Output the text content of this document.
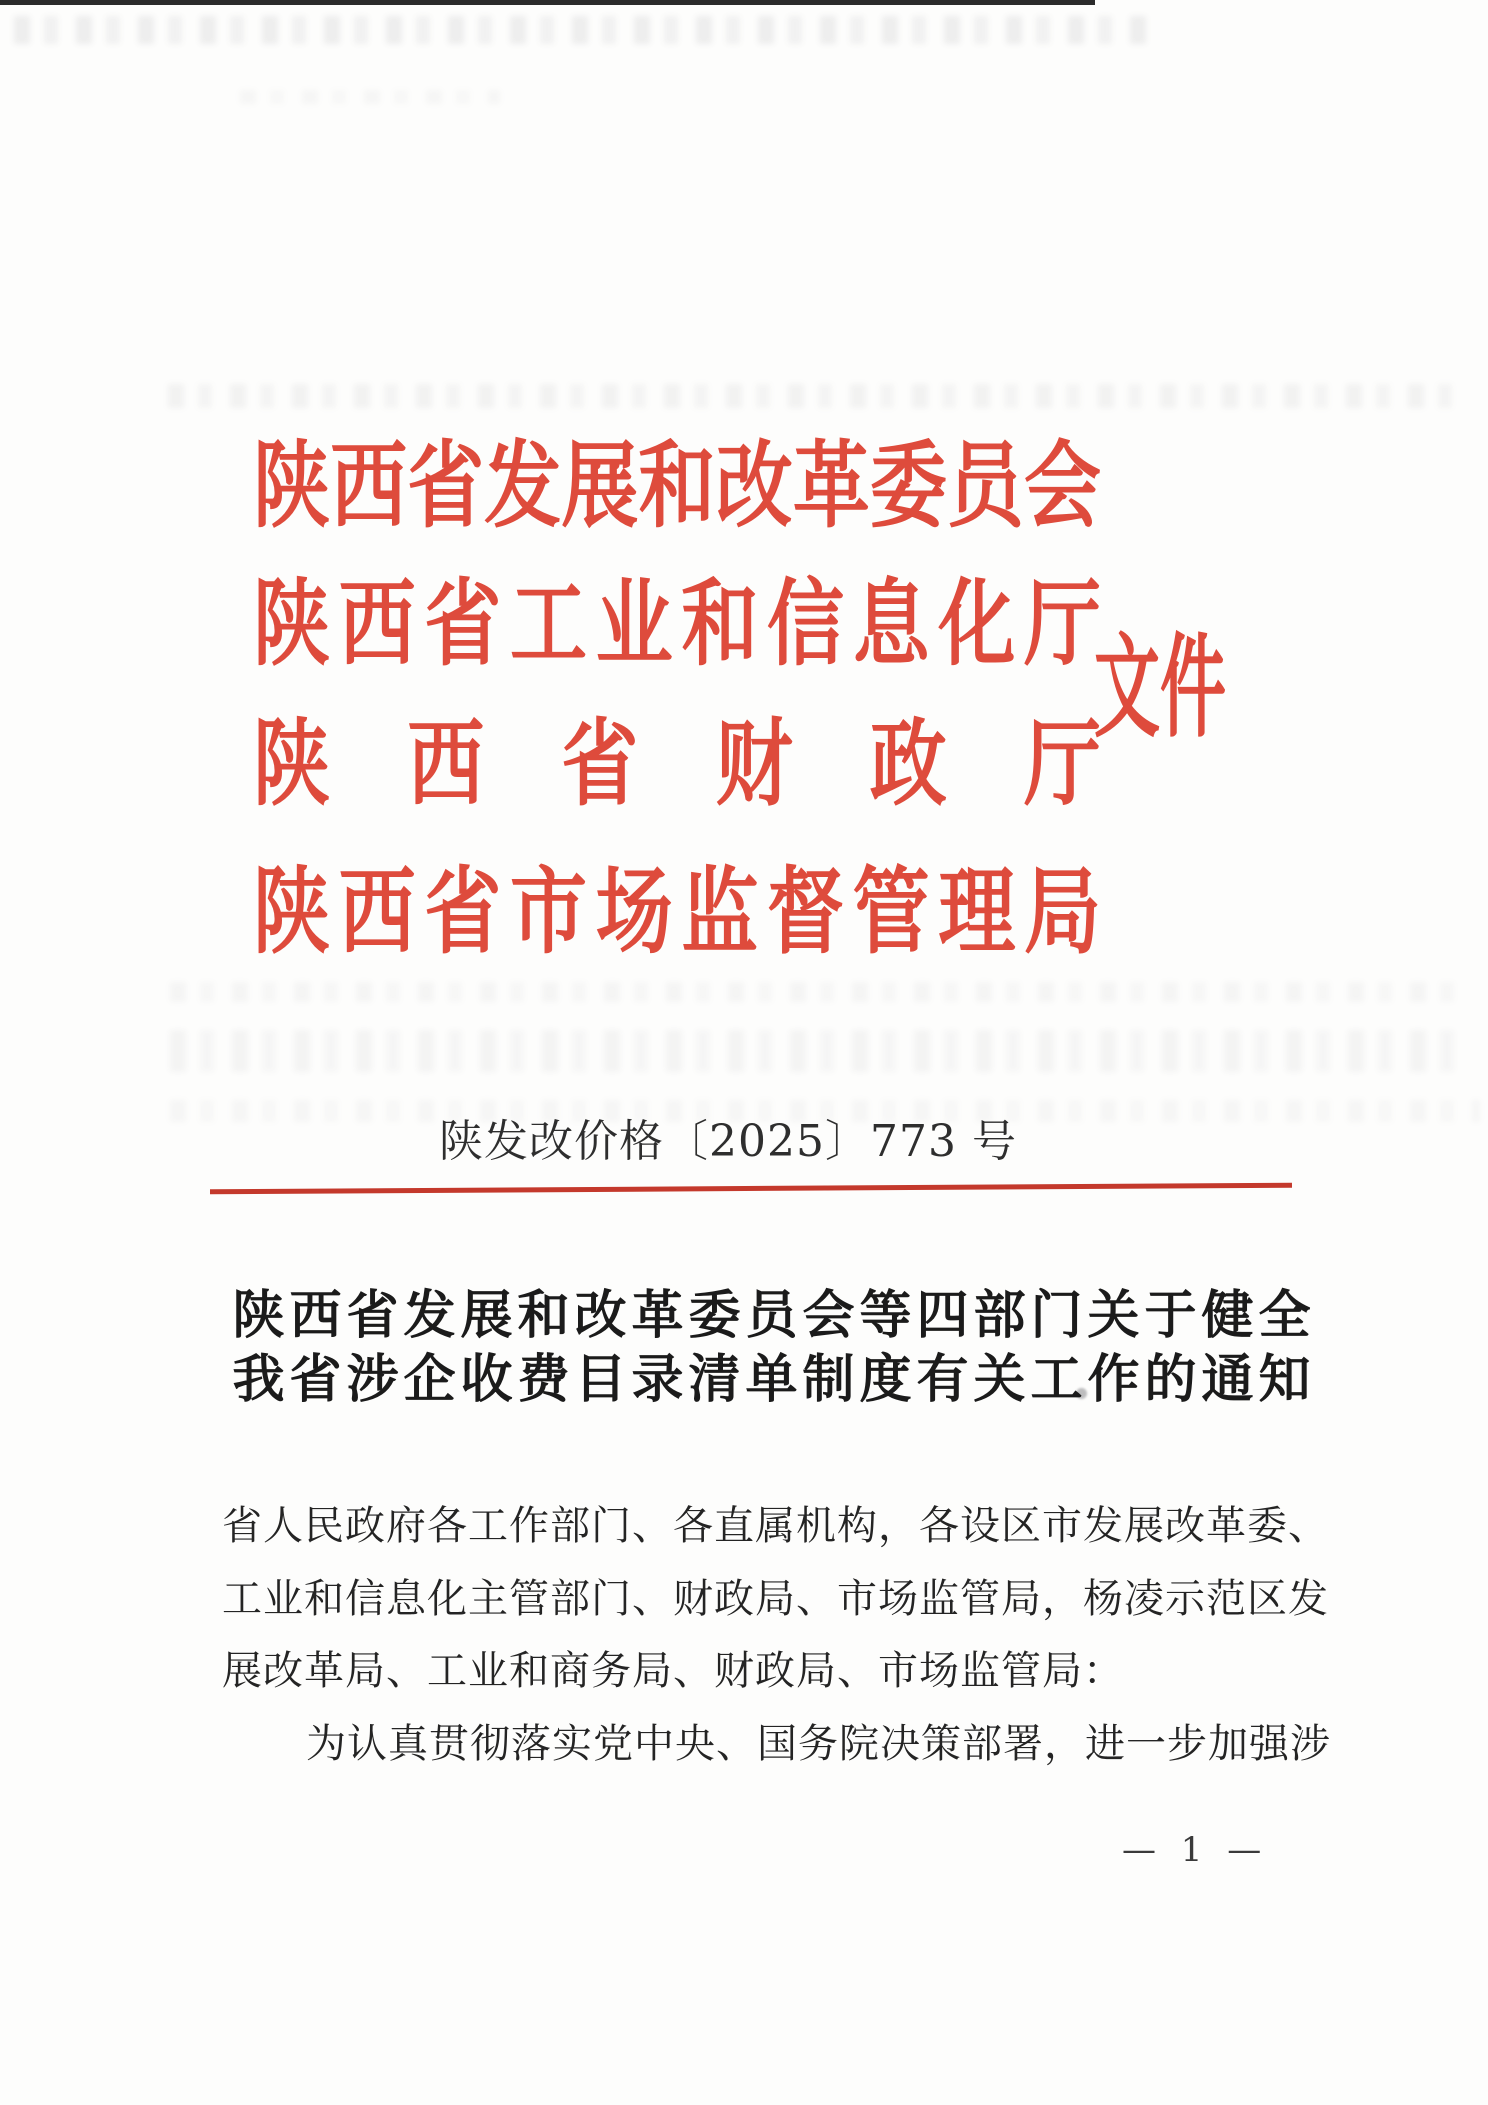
陕西省发展和改革委员会
陕西省工业和信息化厅
陕西省财政厅
陕西省市场监督管理局
文件
陕发改价格〔2025〕773 号
陕西省发展和改革委员会等四部门关于健全
我省涉企收费目录清单制度有关工作的通知
省人民政府各工作部门、各直属机构，各设区市发展改革委、
工业和信息化主管部门、财政局、市场监管局，杨凌示范区发
展改革局、工业和商务局、财政局、市场监管局：
为认真贯彻落实党中央、国务院决策部署，进一步加强涉
— 1 —
